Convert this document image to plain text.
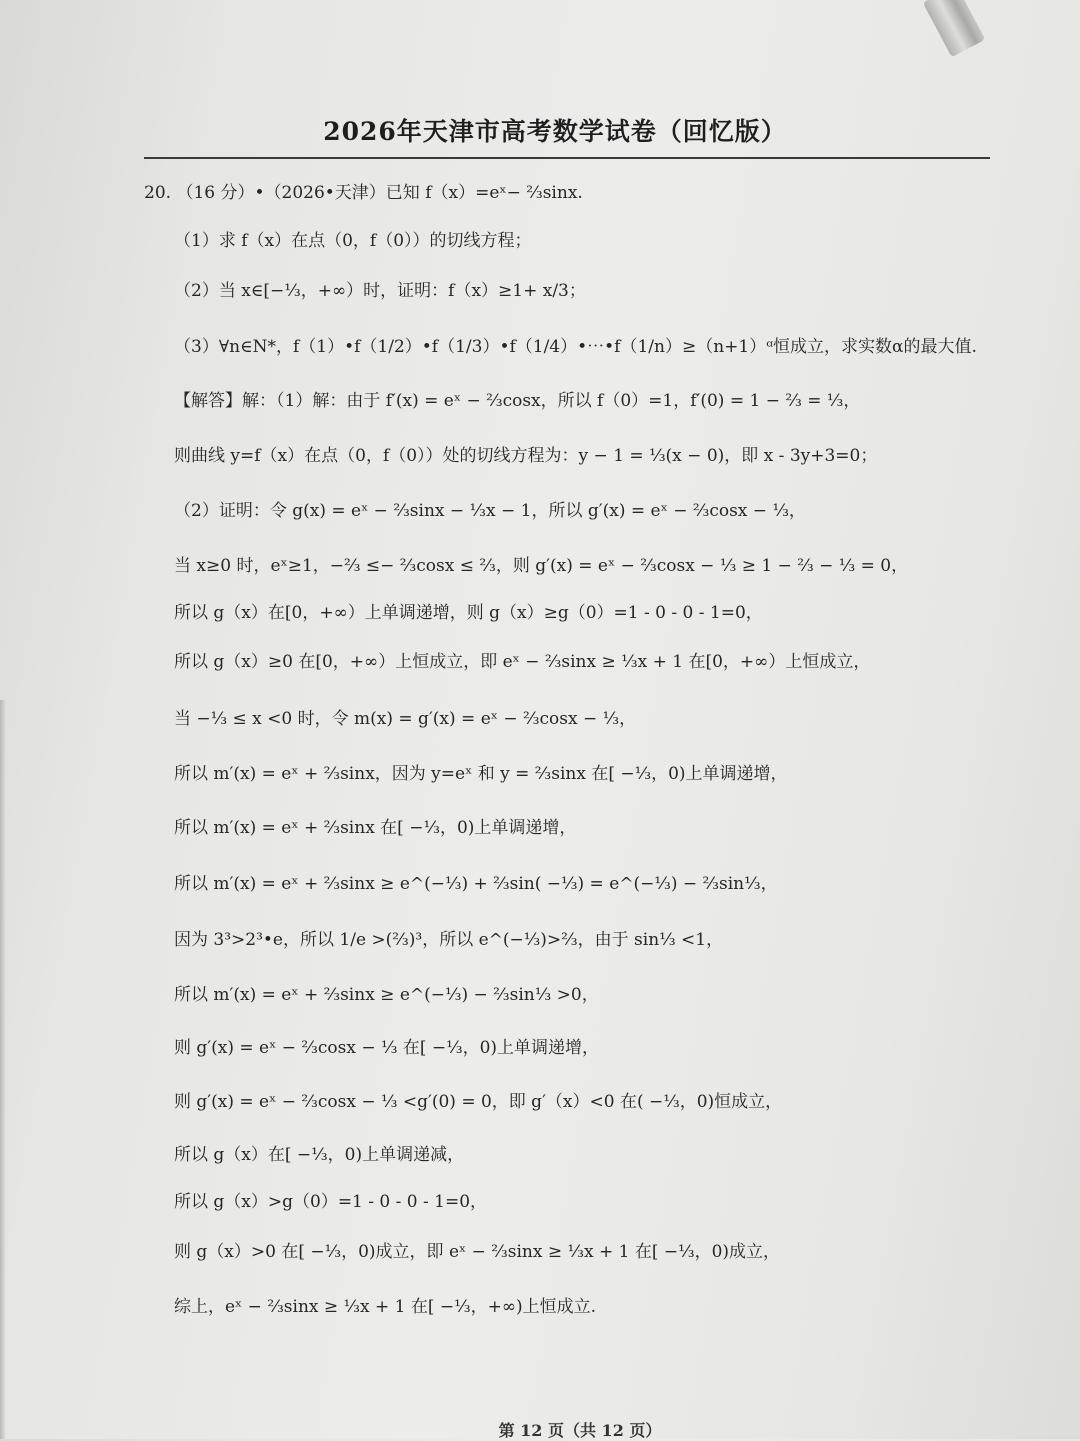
2026年天津市高考数学试卷（回忆版）
20. （16 分）•（2026•天津）已知 f（x）=eˣ− ⅔sinx.
（1）求 f（x）在点（0，f（0））的切线方程；
（2）当 x∈[−⅓，+∞）时，证明：f（x）≥1+ x/3；
（3）∀n∈N*，f（1）•f（1/2）•f（1/3）•f（1/4）•⋯•f（1/n）≥（n+1）ᵅ恒成立，求实数α的最大值.
【解答】解：（1）解：由于 f′(x) = eˣ − ⅔cosx，所以 f（0）=1，f′(0) = 1 − ⅔ = ⅓，
则曲线 y=f（x）在点（0，f（0））处的切线方程为：y − 1 = ⅓(x − 0)，即 x - 3y+3=0；
（2）证明：令 g(x) = eˣ − ⅔sinx − ⅓x − 1，所以 g′(x) = eˣ − ⅔cosx − ⅓，
当 x≥0 时，eˣ≥1，−⅔ ≤− ⅔cosx ≤ ⅔，则 g′(x) = eˣ − ⅔cosx − ⅓ ≥ 1 − ⅔ − ⅓ = 0，
所以 g（x）在[0，+∞）上单调递增，则 g（x）≥g（0）=1 - 0 - 0 - 1=0，
所以 g（x）≥0 在[0，+∞）上恒成立，即 eˣ − ⅔sinx ≥ ⅓x + 1 在[0，+∞）上恒成立，
当 −⅓ ≤ x <0 时，令 m(x) = g′(x) = eˣ − ⅔cosx − ⅓，
所以 m′(x) = eˣ + ⅔sinx，因为 y=eˣ 和 y = ⅔sinx 在[ −⅓，0)上单调递增，
所以 m′(x) = eˣ + ⅔sinx 在[ −⅓，0)上单调递增，
所以 m′(x) = eˣ + ⅔sinx ≥ e^(−⅓) + ⅔sin( −⅓) = e^(−⅓) − ⅔sin⅓，
因为 3³>2³•e，所以 1/e >(⅔)³，所以 e^(−⅓)>⅔，由于 sin⅓ <1，
所以 m′(x) = eˣ + ⅔sinx ≥ e^(−⅓) − ⅔sin⅓ >0，
则 g′(x) = eˣ − ⅔cosx − ⅓ 在[ −⅓，0)上单调递增，
则 g′(x) = eˣ − ⅔cosx − ⅓ <g′(0) = 0，即 g′（x）<0 在( −⅓，0)恒成立，
所以 g（x）在[ −⅓，0)上单调递减，
所以 g（x）>g（0）=1 - 0 - 0 - 1=0，
则 g（x）>0 在[ −⅓，0)成立，即 eˣ − ⅔sinx ≥ ⅓x + 1 在[ −⅓，0)成立，
综上，eˣ − ⅔sinx ≥ ⅓x + 1 在[ −⅓，+∞)上恒成立.
第 12 页（共 12 页）
